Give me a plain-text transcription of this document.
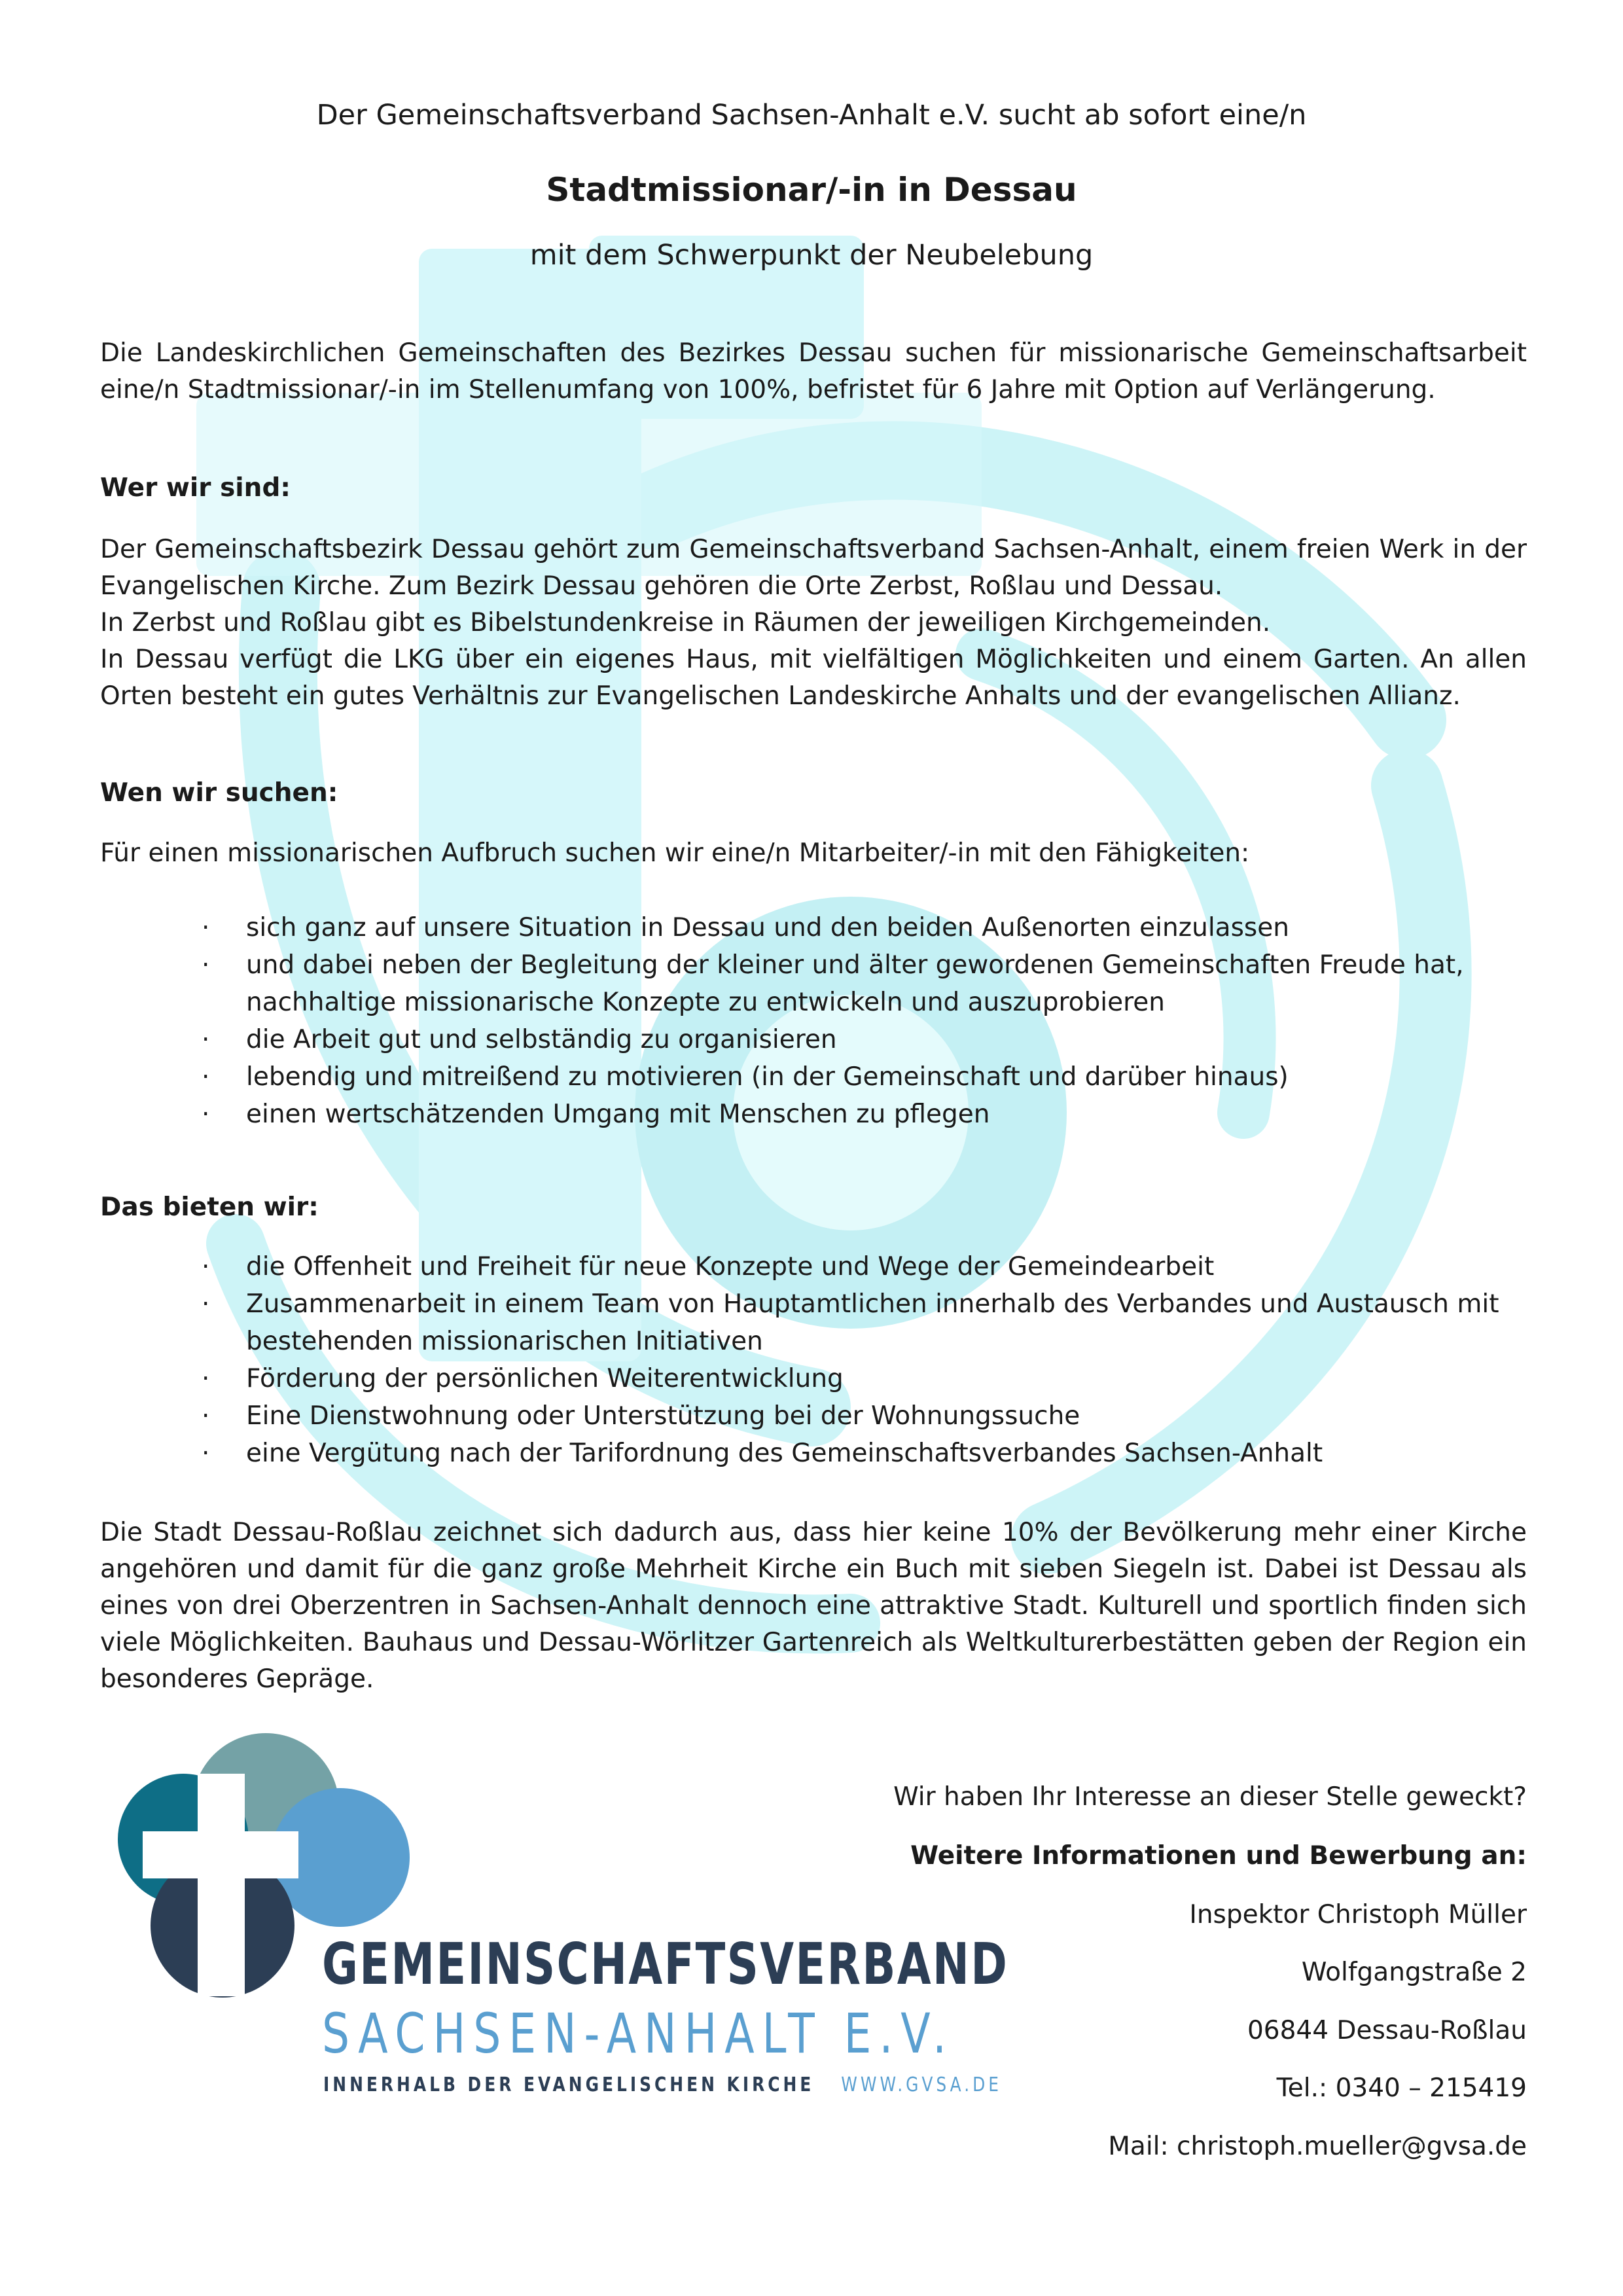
Der Gemeinschaftsverband Sachsen-Anhalt e.V. sucht ab sofort eine/n

Stadtmissionar/-in in Dessau

mit dem Schwerpunkt der Neubelebung

Die Landeskirchlichen Gemeinschaften des Bezirkes Dessau suchen für missionarische Gemeinschaftsarbeit eine/n Stadtmissionar/-in im Stellenumfang von 100%, befristet für 6 Jahre mit Option auf Verlängerung.

Wer wir sind:

Der Gemeinschaftsbezirk Dessau gehört zum Gemeinschaftsverband Sachsen-Anhalt, einem freien Werk in der Evangelischen Kirche. Zum Bezirk Dessau gehören die Orte Zerbst, Roßlau und Dessau.
In Zerbst und Roßlau gibt es Bibelstundenkreise in Räumen der jeweiligen Kirchgemeinden.
In Dessau verfügt die LKG über ein eigenes Haus, mit vielfältigen Möglichkeiten und einem Garten. An allen Orten besteht ein gutes Verhältnis zur Evangelischen Landeskirche Anhalts und der evangelischen Allianz.

Wen wir suchen:

Für einen missionarischen Aufbruch suchen wir eine/n Mitarbeiter/-in mit den Fähigkeiten:

· sich ganz auf unsere Situation in Dessau und den beiden Außenorten einzulassen
· und dabei neben der Begleitung der kleiner und älter gewordenen Gemeinschaften Freude hat, nachhaltige missionarische Konzepte zu entwickeln und auszuprobieren
· die Arbeit gut und selbständig zu organisieren
· lebendig und mitreißend zu motivieren (in der Gemeinschaft und darüber hinaus)
· einen wertschätzenden Umgang mit Menschen zu pflegen

Das bieten wir:

· die Offenheit und Freiheit für neue Konzepte und Wege der Gemeindearbeit
· Zusammenarbeit in einem Team von Hauptamtlichen innerhalb des Verbandes und Austausch mit bestehenden missionarischen Initiativen
· Förderung der persönlichen Weiterentwicklung
· Eine Dienstwohnung oder Unterstützung bei der Wohnungssuche
· eine Vergütung nach der Tarifordnung des Gemeinschaftsverbandes Sachsen-Anhalt

Die Stadt Dessau-Roßlau zeichnet sich dadurch aus, dass hier keine 10% der Bevölkerung mehr einer Kirche angehören und damit für die ganz große Mehrheit Kirche ein Buch mit sieben Siegeln ist. Dabei ist Dessau als eines von drei Oberzentren in Sachsen-Anhalt dennoch eine attraktive Stadt. Kulturell und sportlich finden sich viele Möglichkeiten. Bauhaus und Dessau-Wörlitzer Gartenreich als Weltkulturerbestätten geben der Region ein besonderes Gepräge.

GEMEINSCHAFTSVERBAND
SACHSEN-ANHALT E.V.
INNERHALB DER EVANGELISCHEN KIRCHE WWW.GVSA.DE

Wir haben Ihr Interesse an dieser Stelle geweckt?

Weitere Informationen und Bewerbung an:

Inspektor Christoph Müller

Wolfgangstraße 2

06844 Dessau-Roßlau

Tel.: 0340 – 215419

Mail: christoph.mueller@gvsa.de
